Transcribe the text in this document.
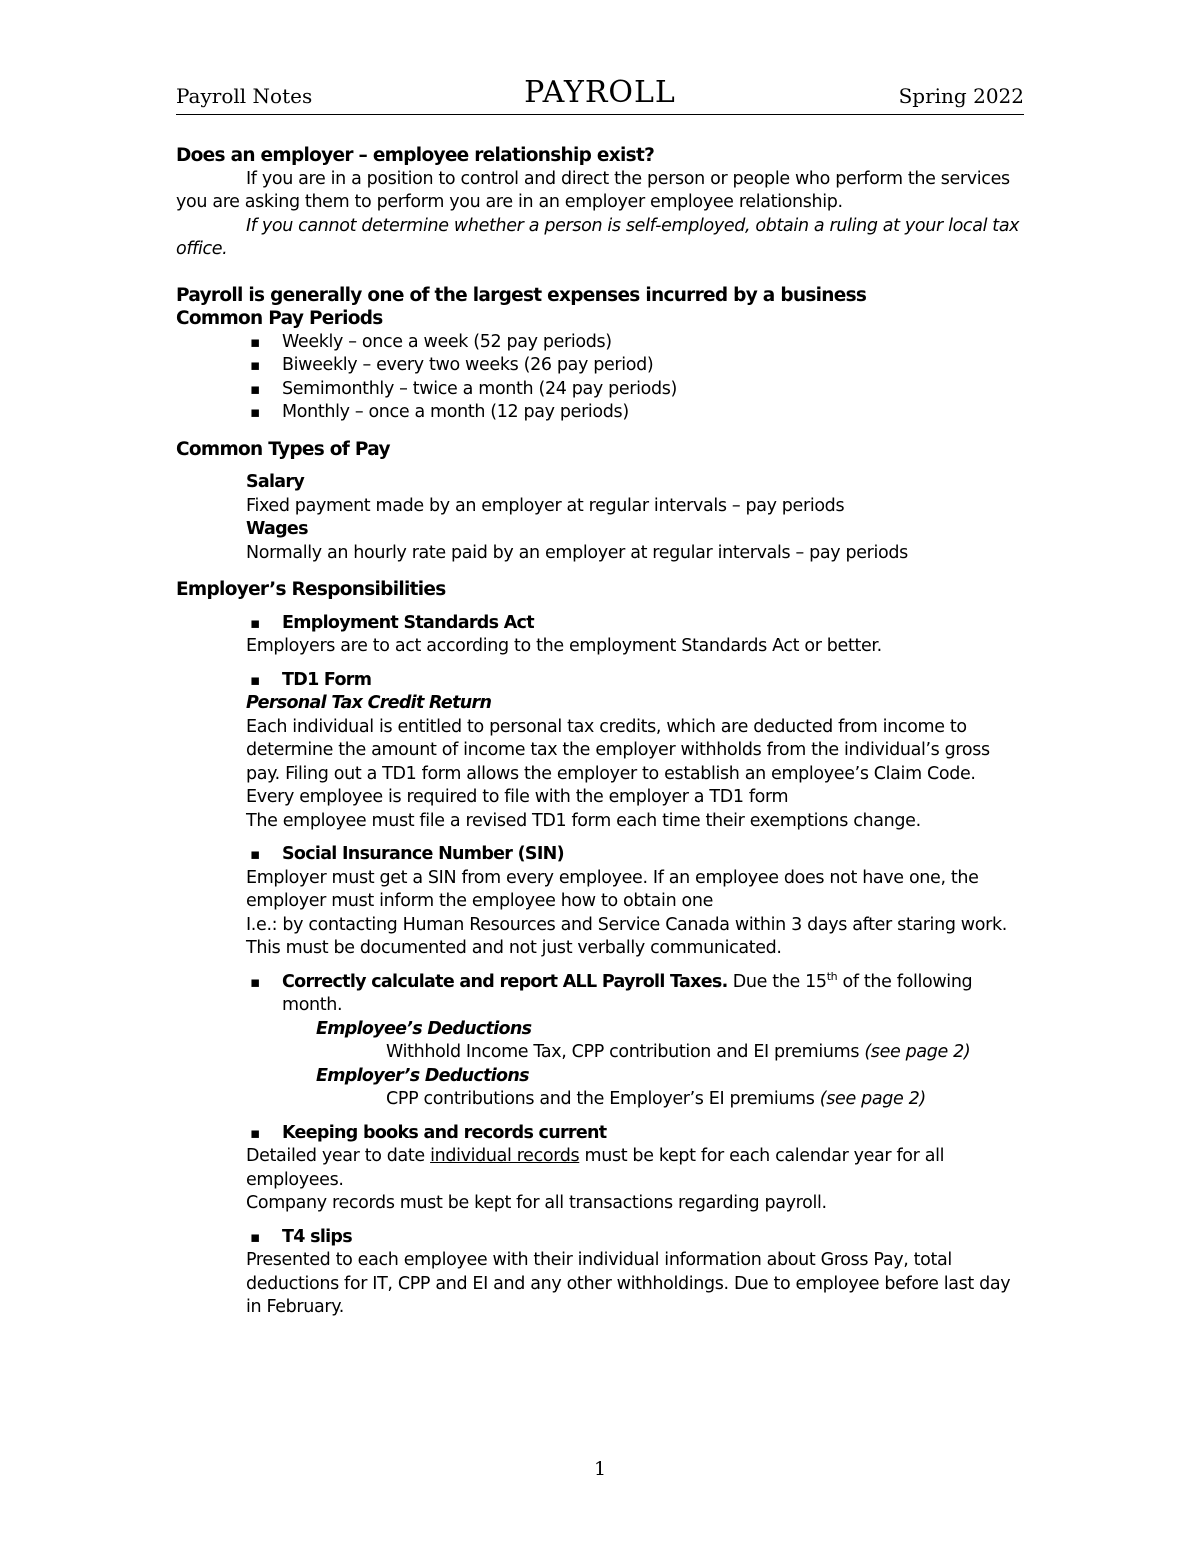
Payroll Notes	PAYROLL	Spring 2022
Does an employer – employee relationship exist?
If you are in a position to control and direct the person or people who perform the services you are asking them to perform you are in an employer employee relationship.
If you cannot determine whether a person is self-employed, obtain a ruling at your local tax office.
Payroll is generally one of the largest expenses incurred by a business
Common Pay Periods
▪ Weekly – once a week (52 pay periods)
▪ Biweekly – every two weeks (26 pay period)
▪ Semimonthly – twice a month (24 pay periods)
▪ Monthly – once a month (12 pay periods)
Common Types of Pay
Salary
Fixed payment made by an employer at regular intervals – pay periods
Wages
Normally an hourly rate paid by an employer at regular intervals – pay periods
Employer’s Responsibilities
▪ Employment Standards Act
Employers are to act according to the employment Standards Act or better.
▪ TD1 Form
Personal Tax Credit Return
Each individual is entitled to personal tax credits, which are deducted from income to determine the amount of income tax the employer withholds from the individual’s gross pay. Filing out a TD1 form allows the employer to establish an employee’s Claim Code.
Every employee is required to file with the employer a TD1 form
The employee must file a revised TD1 form each time their exemptions change.
▪ Social Insurance Number (SIN)
Employer must get a SIN from every employee. If an employee does not have one, the employer must inform the employee how to obtain one
I.e.: by contacting Human Resources and Service Canada within 3 days after staring work. This must be documented and not just verbally communicated.
▪ Correctly calculate and report ALL Payroll Taxes. Due the 15th of the following month.
Employee’s Deductions
Withhold Income Tax, CPP contribution and EI premiums (see page 2)
Employer’s Deductions
CPP contributions and the Employer’s EI premiums (see page 2)
▪ Keeping books and records current
Detailed year to date individual records must be kept for each calendar year for all employees.
Company records must be kept for all transactions regarding payroll.
▪ T4 slips
Presented to each employee with their individual information about Gross Pay, total deductions for IT, CPP and EI and any other withholdings. Due to employee before last day in February.
1
